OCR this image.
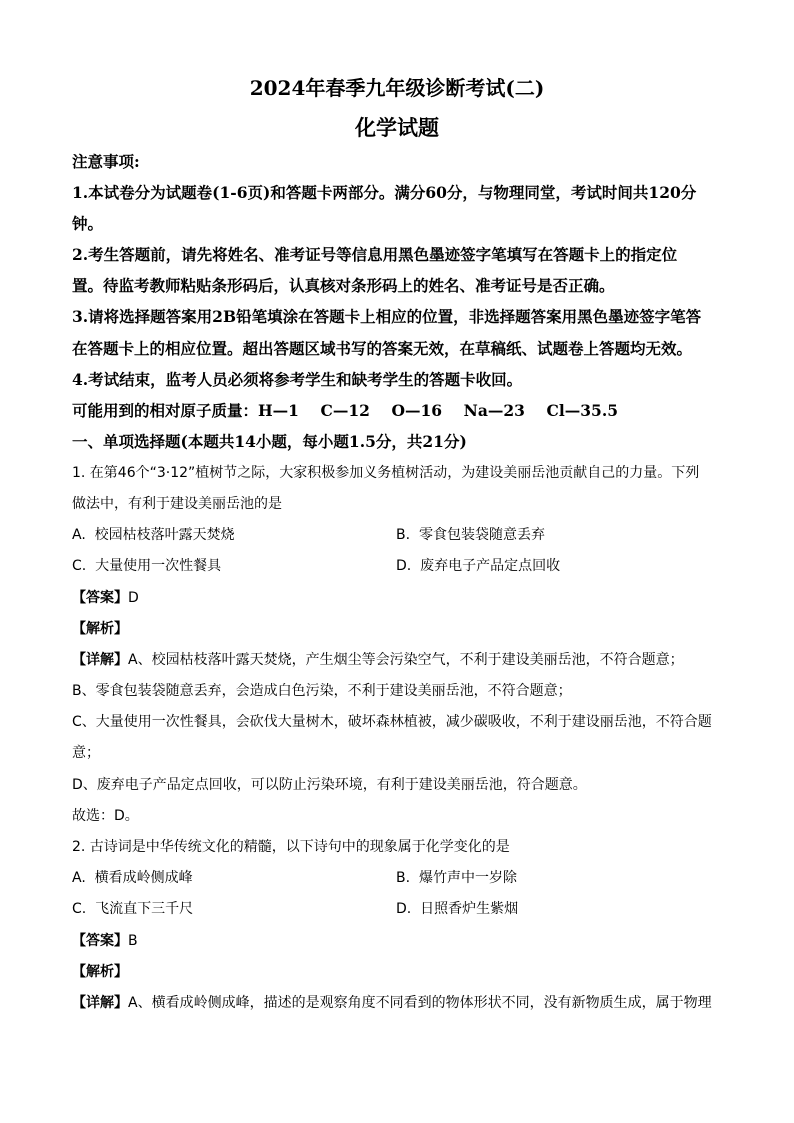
2024年春季九年级诊断考试(二)
化学试题
注意事项:
1.本试卷分为试题卷(1-6页)和答题卡两部分。满分60分，与物理同堂，考试时间共120分
钟。
2.考生答题前，请先将姓名、准考证号等信息用黑色墨迹签字笔填写在答题卡上的指定位
置。待监考教师粘贴条形码后，认真核对条形码上的姓名、准考证号是否正确。
3.请将选择题答案用2B铅笔填涂在答题卡上相应的位置，非选择题答案用黑色墨迹签字笔答
在答题卡上的相应位置。超出答题区域书写的答案无效，在草稿纸、试题卷上答题均无效。
4.考试结束，监考人员必须将参考学生和缺考学生的答题卡收回。
可能用到的相对原子质量：H—1    C—12    O—16    Na—23    Cl—35.5
一、单项选择题(本题共14小题，每小题1.5分，共21分)
1. 在第46个“3·12”植树节之际，大家积极参加义务植树活动，为建设美丽岳池贡献自己的力量。下列
做法中，有利于建设美丽岳池的是
A.  校园枯枝落叶露天焚烧	B.  零食包装袋随意丢弃
C.  大量使用一次性餐具	D.  废弃电子产品定点回收
【答案】D
【解析】
【详解】A、校园枯枝落叶露天焚烧，产生烟尘等会污染空气，不利于建设美丽岳池，不符合题意；
B、零食包装袋随意丢弃，会造成白色污染，不利于建设美丽岳池，不符合题意；
C、大量使用一次性餐具，会砍伐大量树木，破坏森林植被，减少碳吸收，不利于建设丽岳池，不符合题
意；
D、废弃电子产品定点回收，可以防止污染环境，有利于建设美丽岳池，符合题意。
故选：D。
2. 古诗词是中华传统文化的精髓，以下诗句中的现象属于化学变化的是
A.  横看成岭侧成峰	B.  爆竹声中一岁除
C.  飞流直下三千尺	D.  日照香炉生紫烟
【答案】B
【解析】
【详解】A、横看成岭侧成峰，描述的是观察角度不同看到的物体形状不同，没有新物质生成，属于物理
